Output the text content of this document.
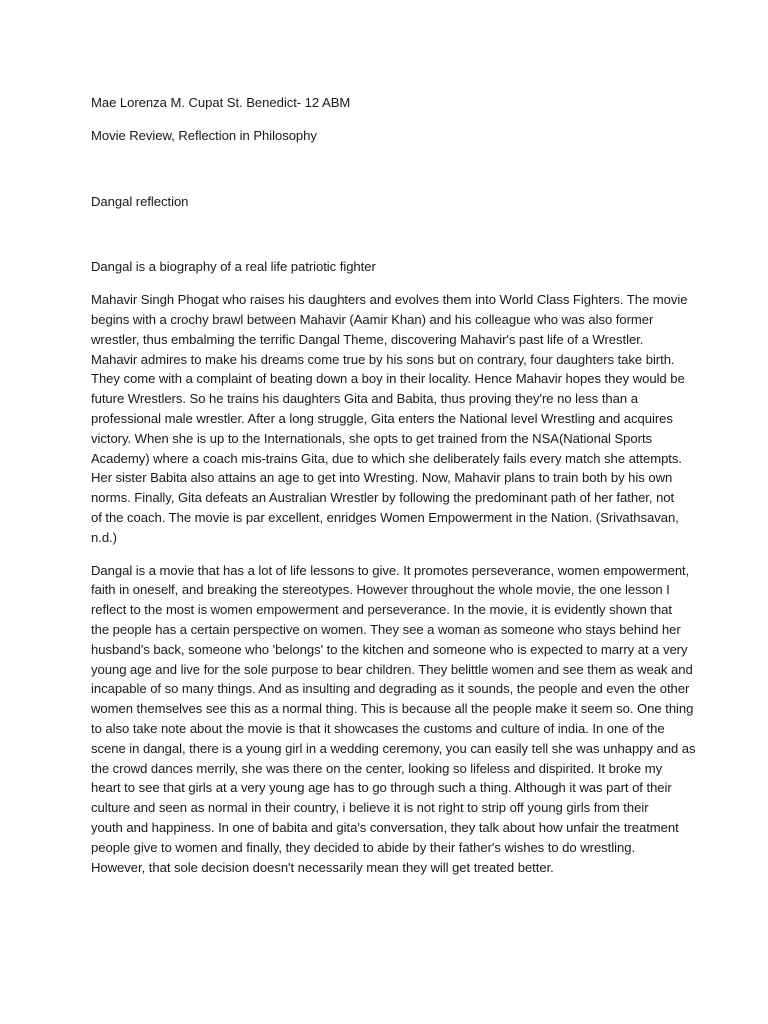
Mae Lorenza M. Cupat St. Benedict- 12 ABM

Movie Review, Reflection in Philosophy

Dangal reflection

Dangal is a biography of a real life patriotic fighter

Mahavir Singh Phogat who raises his daughters and evolves them into World Class Fighters. The movie
begins with a crochy brawl between Mahavir (Aamir Khan) and his colleague who was also former
wrestler, thus embalming the terrific Dangal Theme, discovering Mahavir's past life of a Wrestler.
Mahavir admires to make his dreams come true by his sons but on contrary, four daughters take birth.
They come with a complaint of beating down a boy in their locality. Hence Mahavir hopes they would be
future Wrestlers. So he trains his daughters Gita and Babita, thus proving they're no less than a
professional male wrestler. After a long struggle, Gita enters the National level Wrestling and acquires
victory. When she is up to the Internationals, she opts to get trained from the NSA(National Sports
Academy) where a coach mis-trains Gita, due to which she deliberately fails every match she attempts.
Her sister Babita also attains an age to get into Wresting. Now, Mahavir plans to train both by his own
norms. Finally, Gita defeats an Australian Wrestler by following the predominant path of her father, not
of the coach. The movie is par excellent, enridges Women Empowerment in the Nation. (Srivathsavan,
n.d.)

Dangal is a movie that has a lot of life lessons to give. It promotes perseverance, women empowerment,
faith in oneself, and breaking the stereotypes. However throughout the whole movie, the one lesson I
reflect to the most is women empowerment and perseverance. In the movie, it is evidently shown that
the people has a certain perspective on women. They see a woman as someone who stays behind her
husband's back, someone who 'belongs' to the kitchen and someone who is expected to marry at a very
young age and live for the sole purpose to bear children. They belittle women and see them as weak and
incapable of so many things. And as insulting and degrading as it sounds, the people and even the other
women themselves see this as a normal thing. This is because all the people make it seem so. One thing
to also take note about the movie is that it showcases the customs and culture of india. In one of the
scene in dangal, there is a young girl in a wedding ceremony, you can easily tell she was unhappy and as
the crowd dances merrily, she was there on the center, looking so lifeless and dispirited. It broke my
heart to see that girls at a very young age has to go through such a thing. Although it was part of their
culture and seen as normal in their country, i believe it is not right to strip off young girls from their
youth and happiness. In one of babita and gita's conversation, they talk about how unfair the treatment
people give to women and finally, they decided to abide by their father's wishes to do wrestling.
However, that sole decision doesn't necessarily mean they will get treated better.
